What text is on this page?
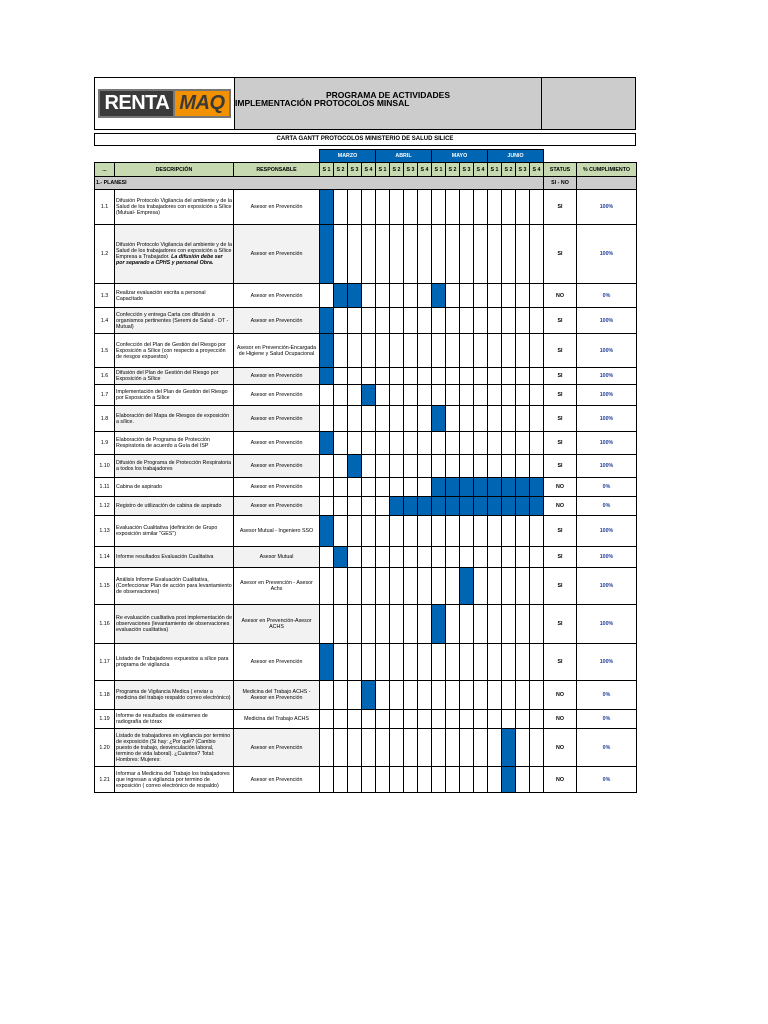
RENTA MAQ	PROGRAMA DE ACTIVIDADES
IMPLEMENTACIÓN PROTOCOLOS MINSAL
CARTA GANTT PROTOCOLOS MINISTERIO DE SALUD SILICE
			MARZO				ABRIL				MAYO				JUNIO					
...	DESCRIPCIÓN	RESPONSABLE	S 1	S 2	S 3	S 4	S 1	S 2	S 3	S 4	S 1	S 2	S 3	S 4	S 1	S 2	S 3	S 4	STATUS	% CUMPLIMIENTO
1.- PLANESI																			SI - NO	
1.1	Difusión Protocolo Vigilancia del ambiente y de la Salud de los trabajadores con exposición a Sílice (Mutual- Empresa)	Asesor en Prevención																	SI	100%
1.2	Difusión Protocolo Vigilancia del ambiente y de la Salud de los trabajadores con exposición a Sílice Empresa a Trabajador. La difusión debe ser por separado a CPHS y personal Obra.	Asesor en Prevención																	SI	100%
1.3	Realizar evaluación escrita a personal Capacitado	Asesor en Prevención																	NO	0%
1.4	Confección y entrega Carta con difusión a organismos pertinentes (Seremi de Salud - DT - Mutual)	Asesor en Prevención																	SI	100%
1.5	Confección del Plan de Gestión del Riesgo por Exposición a Sílice (con respecto a proyección de riesgos expuestos)	Asesor en Prevención-Encargada de Higiene y Salud Ocupacional																	SI	100%
1.6	Difusión del Plan de Gestión del Riesgo por Exposición a Sílice	Asesor en Prevención																	SI	100%
1.7	Implementación del Plan de Gestión del Riesgo por Exposición a Sílice	Asesor en Prevención																	SI	100%
1.8	Elaboración del Mapa de Riesgos de exposición a sílice.	Asesor en Prevención																	SI	100%
1.9	Elaboración de Programa de Protección Respiratoria de acuerdo a Guía del ISP	Asesor en Prevención																	SI	100%
1.10	Difusión de Programa de Protección Respiratoria a todos los trabajadores	Asesor en Prevención																	SI	100%
1.11	Cabina de aspirado	Asesor en Prevención																	NO	0%
1.12	Registro de utilización de cabina de aspirado	Asesor en Prevención																	NO	0%
1.13	Evaluación Cualitativa (definición de Grupo exposición similar "GES")	Asesor Mutual - Ingeniero SSO																	SI	100%
1.14	Informe resultados Evaluación Cualitativa	Asesor Mutual																	SI	100%
1.15	Análisis Informe Evaluación Cualitativa, (Confeccionar Plan de acción para levantamiento de observaciones)	Asesor en Prevención - Asesor Achs																	SI	100%
1.16	Re evaluación cualitativa post implementación de observaciones (levantamiento de observaciones evaluación cualitativa)	Asesor en Prevención-Asesor ACHS																	SI	100%
1.17	Listado de Trabajadores expuestos a sílice para programa de vigilancia	Asesor en Prevención																	SI	100%
1.18	Programa de Vigilancia Medica ( enviar a medicina del trabajo respaldo correo electrónico)	Medicina del Trabajo ACHS - Asesor en Prevención																	NO	0%
1.19	Informe de resultados de exámenes de radiografía de tórax	Medicina del Trabajo ACHS																	NO	0%
1.20	Listado de trabajadores en vigilancia por termino de exposición (Si hay: ¿Por qué? (Cambio puesto de trabajo, desvinculación laboral, termino de vida laboral). ¿Cuántos? Total: Hombres: Mujeres:	Asesor en Prevención																	NO	0%
1.21	Informar a Medicina del Trabajo los trabajadores que ingresan a vigilancia por termino de exposición ( correo electrónico de respaldo)	Asesor en Prevención																	NO	0%
